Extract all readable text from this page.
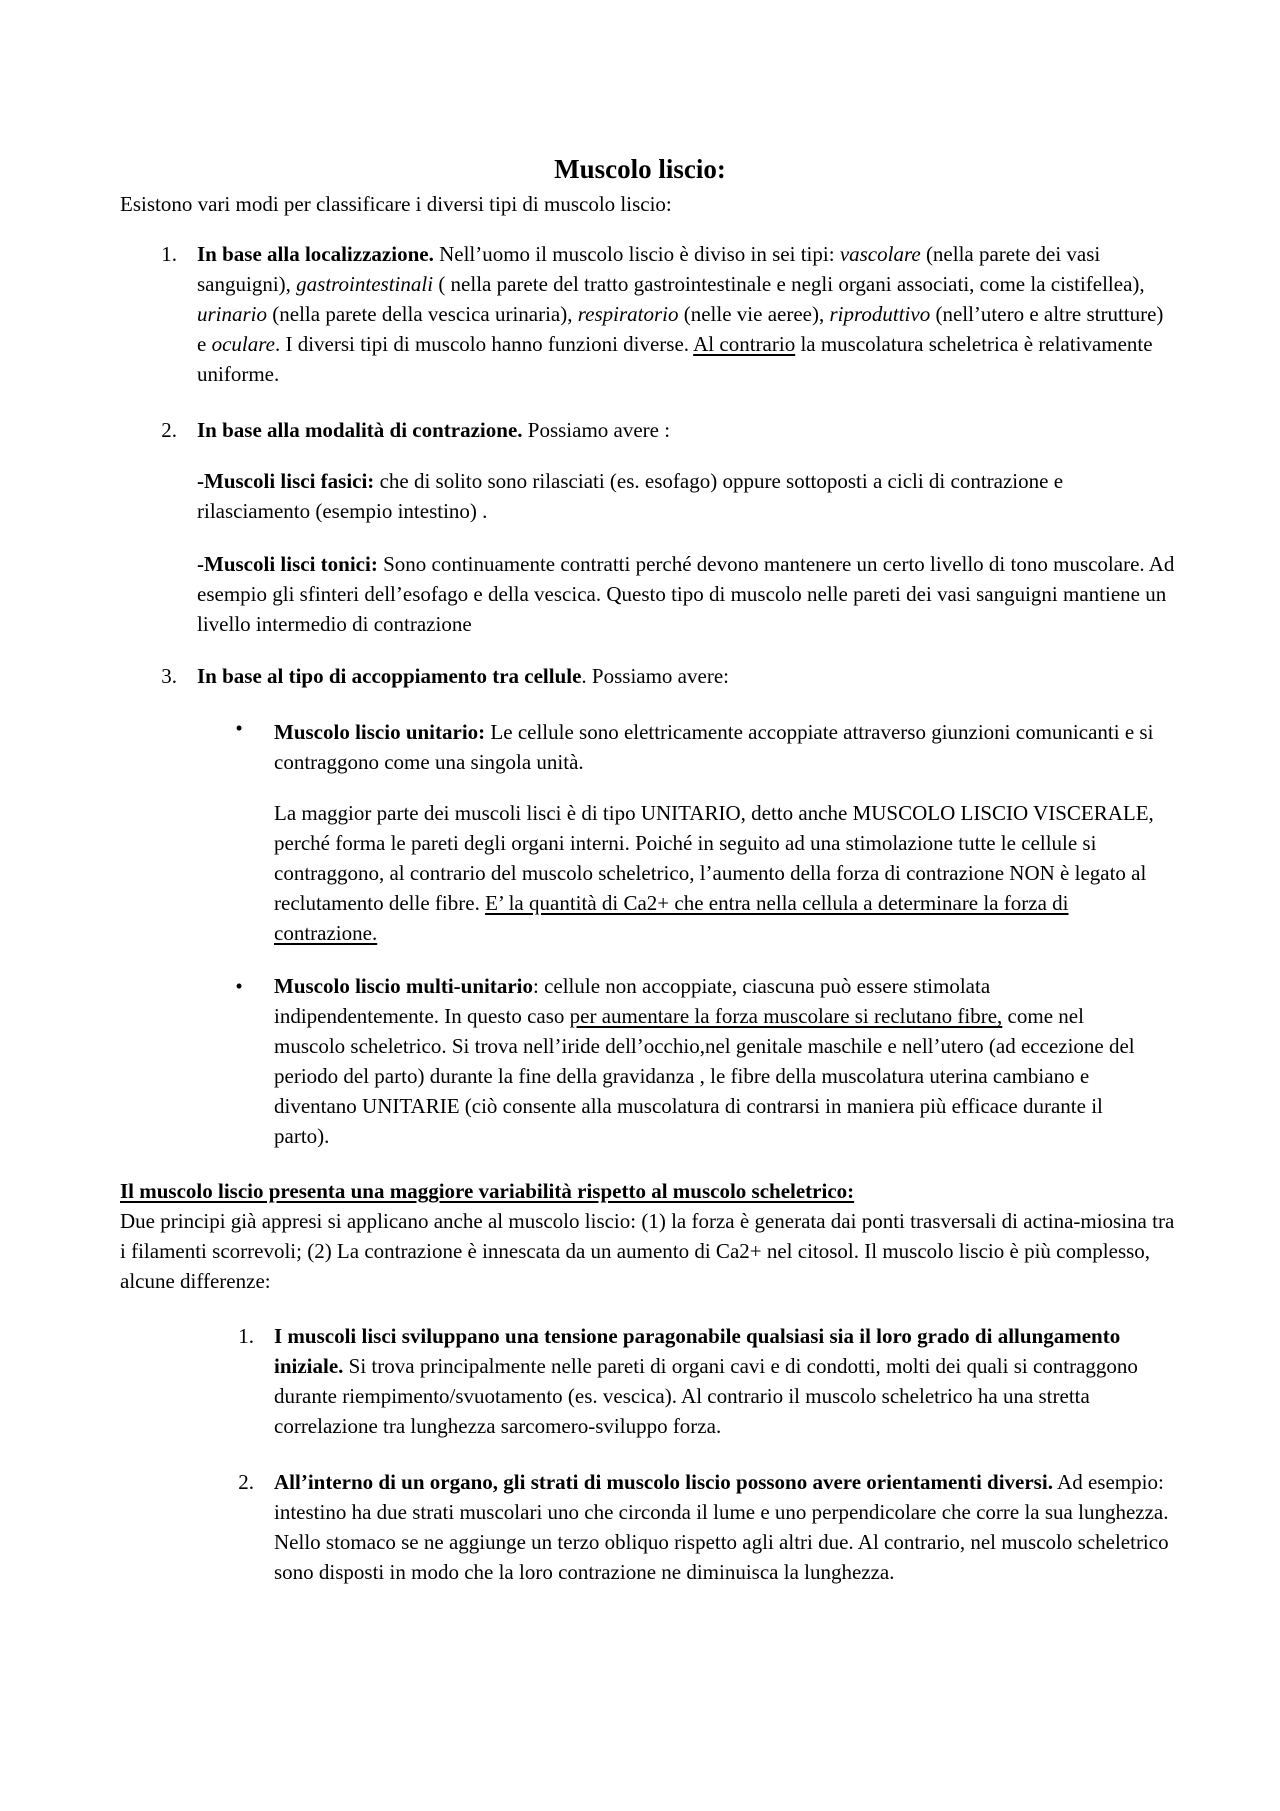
Muscolo liscio:

Esistono vari modi per classificare i diversi tipi di muscolo liscio:

1. In base alla localizzazione. Nell’uomo il muscolo liscio è diviso in sei tipi: vascolare (nella parete dei vasi sanguigni), gastrointestinali ( nella parete del tratto gastrointestinale e negli organi associati, come la cistifellea), urinario (nella parete della vescica urinaria), respiratorio (nelle vie aeree), riproduttivo (nell’utero e altre strutture) e oculare. I diversi tipi di muscolo hanno funzioni diverse. Al contrario la muscolatura scheletrica è relativamente uniforme.

2. In base alla modalità di contrazione. Possiamo avere :

-Muscoli lisci fasici: che di solito sono rilasciati (es. esofago) oppure sottoposti a cicli di contrazione e rilasciamento (esempio intestino) .

-Muscoli lisci tonici: Sono continuamente contratti perché devono mantenere un certo livello di tono muscolare. Ad esempio gli sfinteri dell’esofago e della vescica. Questo tipo di muscolo nelle pareti dei vasi sanguigni mantiene un livello intermedio di contrazione

3. In base al tipo di accoppiamento tra cellule. Possiamo avere:

•	Muscolo liscio unitario: Le cellule sono elettricamente accoppiate attraverso giunzioni comunicanti e si contraggono come una singola unità.

La maggior parte dei muscoli lisci è di tipo UNITARIO, detto anche MUSCOLO LISCIO VISCERALE, perché forma le pareti degli organi interni. Poiché in seguito ad una stimolazione tutte le cellule si contraggono, al contrario del muscolo scheletrico, l’aumento della forza di contrazione NON è legato al reclutamento delle fibre. E’ la quantità di Ca2+ che entra nella cellula a determinare la forza di contrazione.

•	Muscolo liscio multi-unitario: cellule non accoppiate, ciascuna può essere stimolata indipendentemente. In questo caso per aumentare la forza muscolare si reclutano fibre, come nel muscolo scheletrico. Si trova nell’iride dell’occhio,nel genitale maschile e nell’utero (ad eccezione del periodo del parto) durante la fine della gravidanza , le fibre della muscolatura uterina cambiano e diventano UNITARIE (ciò consente alla muscolatura di contrarsi in maniera più efficace durante il parto).

Il muscolo liscio presenta una maggiore variabilità rispetto al muscolo scheletrico:

Due principi già appresi si applicano anche al muscolo liscio: (1) la forza è generata dai ponti trasversali di actina-miosina tra i filamenti scorrevoli; (2) La contrazione è innescata da un aumento di Ca2+ nel citosol. Il muscolo liscio è più complesso, alcune differenze:

1. I muscoli lisci sviluppano una tensione paragonabile qualsiasi sia il loro grado di allungamento iniziale. Si trova principalmente nelle pareti di organi cavi e di condotti, molti dei quali si contraggono durante riempimento/svuotamento (es. vescica). Al contrario il muscolo scheletrico ha una stretta correlazione tra lunghezza sarcomero-sviluppo forza.

2. All’interno di un organo, gli strati di muscolo liscio possono avere orientamenti diversi. Ad esempio: intestino ha due strati muscolari uno che circonda il lume e uno perpendicolare che corre la sua lunghezza. Nello stomaco se ne aggiunge un terzo obliquo rispetto agli altri due. Al contrario, nel muscolo scheletrico sono disposti in modo che la loro contrazione ne diminuisca la lunghezza.
